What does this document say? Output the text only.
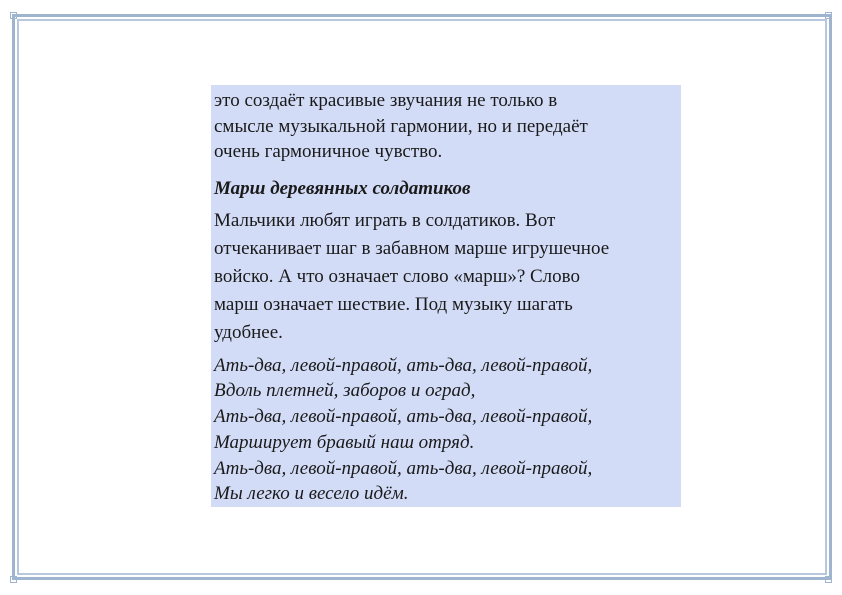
это создаёт красивые звучания не только в
смысле музыкальной гармонии, но и передаёт
очень гармоничное чувство.

Марш деревянных солдатиков

Мальчики любят играть в солдатиков. Вот
отчеканивает шаг в забавном марше игрушечное
войско. А что означает слово «марш»? Слово
марш означает шествие. Под музыку шагать
удобнее.

Ать-два, левой-правой, ать-два, левой-правой,
Вдоль плетней, заборов и оград,
Ать-два, левой-правой, ать-два, левой-правой,
Марширует бравый наш отряд.
Ать-два, левой-правой, ать-два, левой-правой,
Мы легко и весело идём.
